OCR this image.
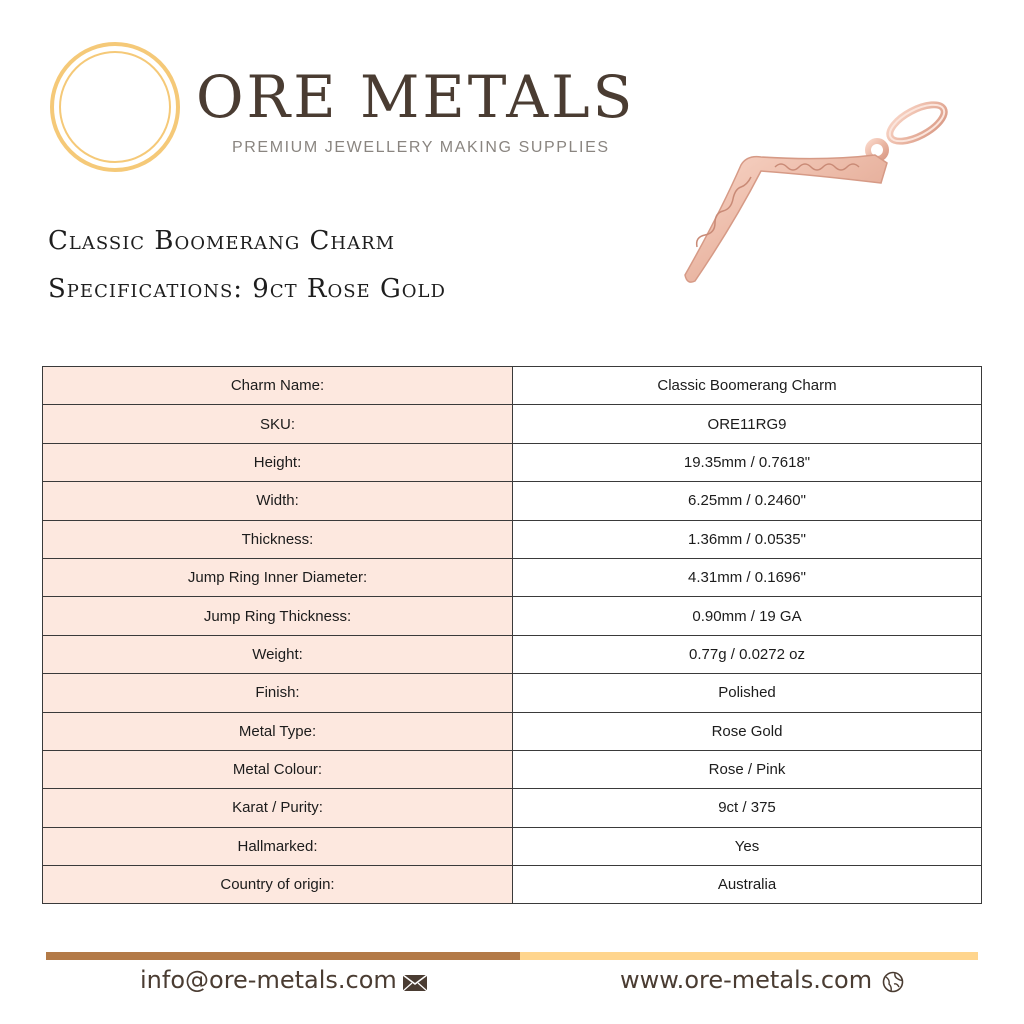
ORE METALS
PREMIUM JEWELLERY MAKING SUPPLIES
Classic Boomerang Charm
Specifications: 9ct Rose Gold
Charm Name:	Classic Boomerang Charm
SKU:	ORE11RG9
Height:	19.35mm / 0.7618"
Width:	6.25mm / 0.2460"
Thickness:	1.36mm / 0.0535"
Jump Ring Inner Diameter:	4.31mm / 0.1696"
Jump Ring Thickness:	0.90mm / 19 GA
Weight:	0.77g / 0.0272 oz
Finish:	Polished
Metal Type:	Rose Gold
Metal Colour:	Rose / Pink
Karat / Purity:	9ct / 375
Hallmarked:	Yes
Country of origin:	Australia
info@ore-metals.com	www.ore-metals.com
